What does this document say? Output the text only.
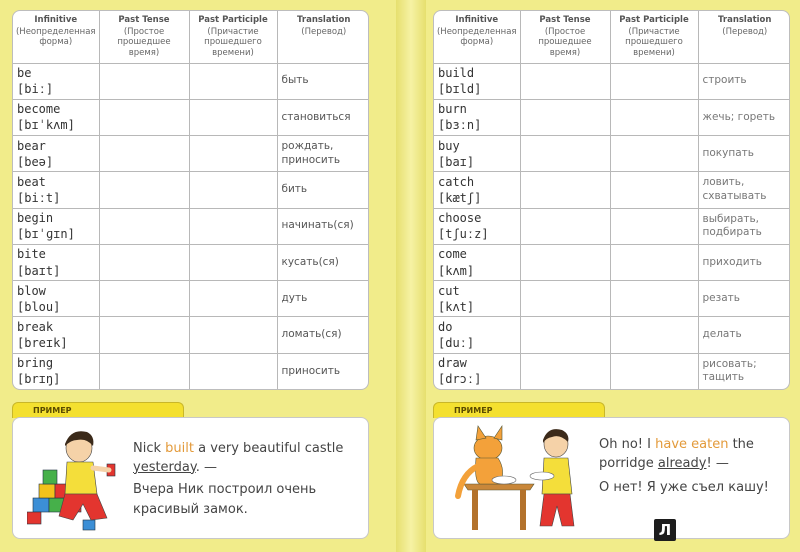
Infinitive
(Неопределенная форма)	Past Tense
(Простое прошедшее время)	Past Participle
(Причастие прошедшего времени)	Translation
(Перевод)

be
[biː]			быть

become
[bɪˈkʌm]			становиться

bear
[beə]			рождать, приносить

beat
[biːt]			бить

begin
[bɪˈɡɪn]			начинать(ся)

bite
[baɪt]			кусать(ся)

blow
[blou]			дуть

break
[breɪk]			ломать(ся)

bring
[brɪŋ]			приносить
Infinitive
(Неопределенная форма)	Past Tense
(Простое прошедшее время)	Past Participle
(Причастие прошедшего времени)	Translation
(Перевод)

build
[bɪld]			строить

burn
[bɜːn]			жечь; гореть

buy
[baɪ]			покупать

catch
[kætʃ]			ловить, схватывать

choose
[tʃuːz]			выбирать, подбирать

come
[kʌm]			приходить

cut
[kʌt]			резать

do
[duː]			делать

draw
[drɔː]			рисовать; тащить
ПРИМЕР	ПРИМЕР
Nick built a very beautiful castle yesterday. —
Вчера Ник построил очень красивый замок.
Oh no! I have eaten the porridge already! —
О нет! Я уже съел кашу!
Л
